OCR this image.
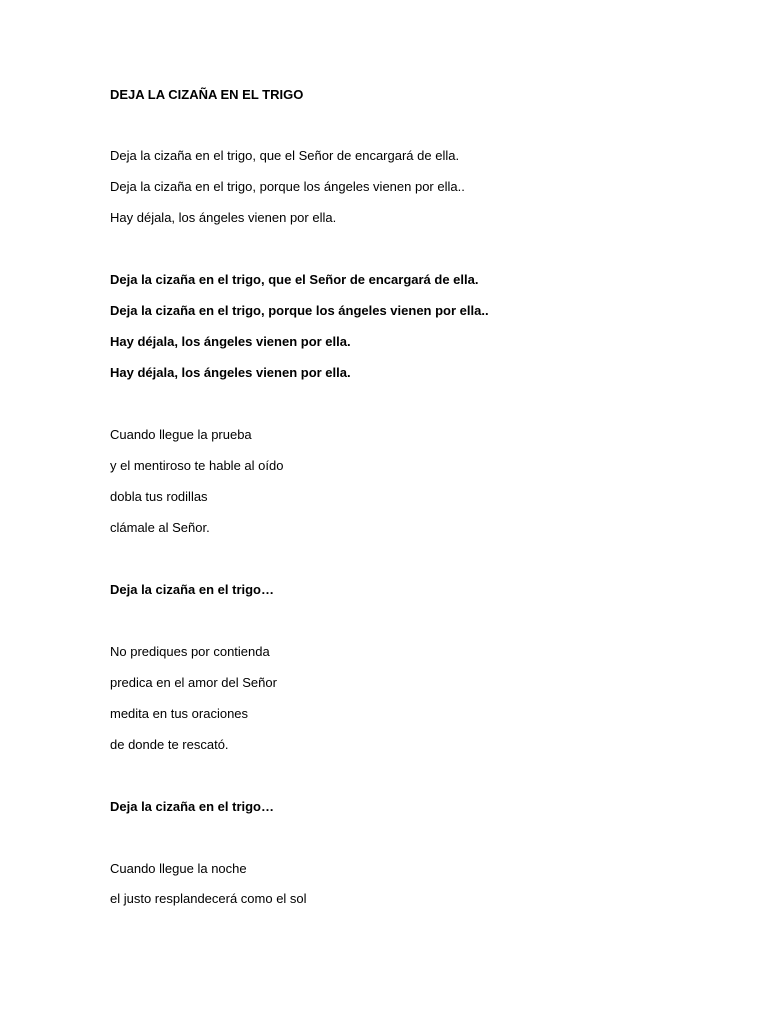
DEJA LA CIZAÑA EN EL TRIGO
Deja la cizaña en el trigo, que el Señor de encargará de ella.
Deja la cizaña en el trigo, porque los ángeles vienen por ella..
Hay déjala, los ángeles vienen por ella.
Deja la cizaña en el trigo, que el Señor de encargará de ella.
Deja la cizaña en el trigo, porque los ángeles vienen por ella..
Hay déjala, los ángeles vienen por ella.
Hay déjala, los ángeles vienen por ella.
Cuando llegue la prueba
y el mentiroso te hable al oído
dobla tus rodillas
clámale al Señor.
Deja la cizaña en el trigo…
No prediques por contienda
predica en el amor del Señor
medita en tus oraciones
de donde te rescató.
Deja la cizaña en el trigo…
Cuando llegue la noche
el justo resplandecerá como el sol
